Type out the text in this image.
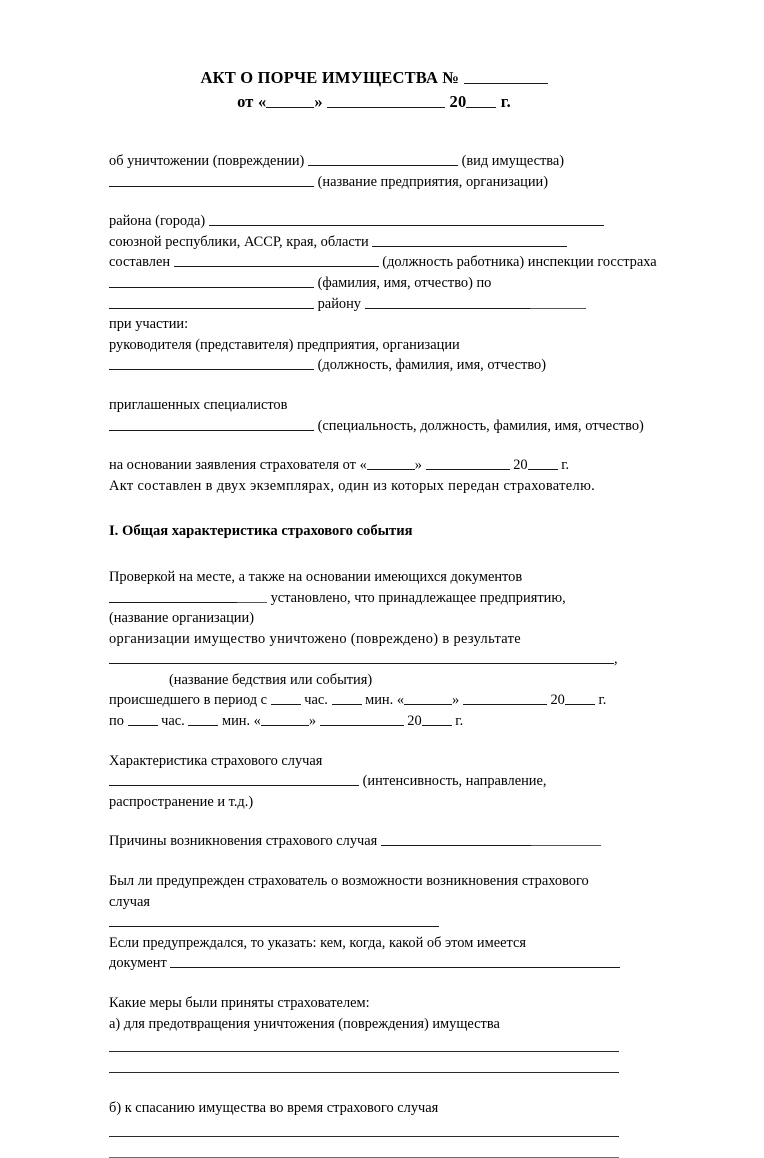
АКТ О ПОРЧЕ ИМУЩЕСТВА №
от «	»	20 г.
об уничтожении (повреждении)	(вид имущества)
(название предприятия, организации)
района (города)
союзной республики, АССР, края, области
составлен	(должность работника) инспекции госстраха
(фамилия, имя, отчество) по
району
при участии:
руководителя (представителя) предприятия, организации
(должность, фамилия, имя, отчество)
приглашенных специалистов
(специальность, должность, фамилия, имя, отчество)
на основании заявления страхователя от «	»	20 г.
Акт составлен в двух экземплярах, один из которых передан страхователю.
I. Общая характеристика страхового события
Проверкой на месте, а также на основании имеющихся документов
установлено, что принадлежащее предприятию,
(название организации)
организации имущество уничтожено (повреждено) в результате
,
(название бедствия или события)
происшедшего в период с	час.	мин. «	»	20 г.
по	час.	мин. «	»	20 г.
Характеристика страхового случая
(интенсивность, направление,
распространение и т.д.)
Причины возникновения страхового случая
Был ли предупрежден страхователь о возможности возникновения страхового случая
Если предупреждался, то указать: кем, когда, какой об этом имеется
документ
Какие меры были приняты страхователем:
а) для предотвращения уничтожения (повреждения) имущества
б) к спасанию имущества во время страхового случая
